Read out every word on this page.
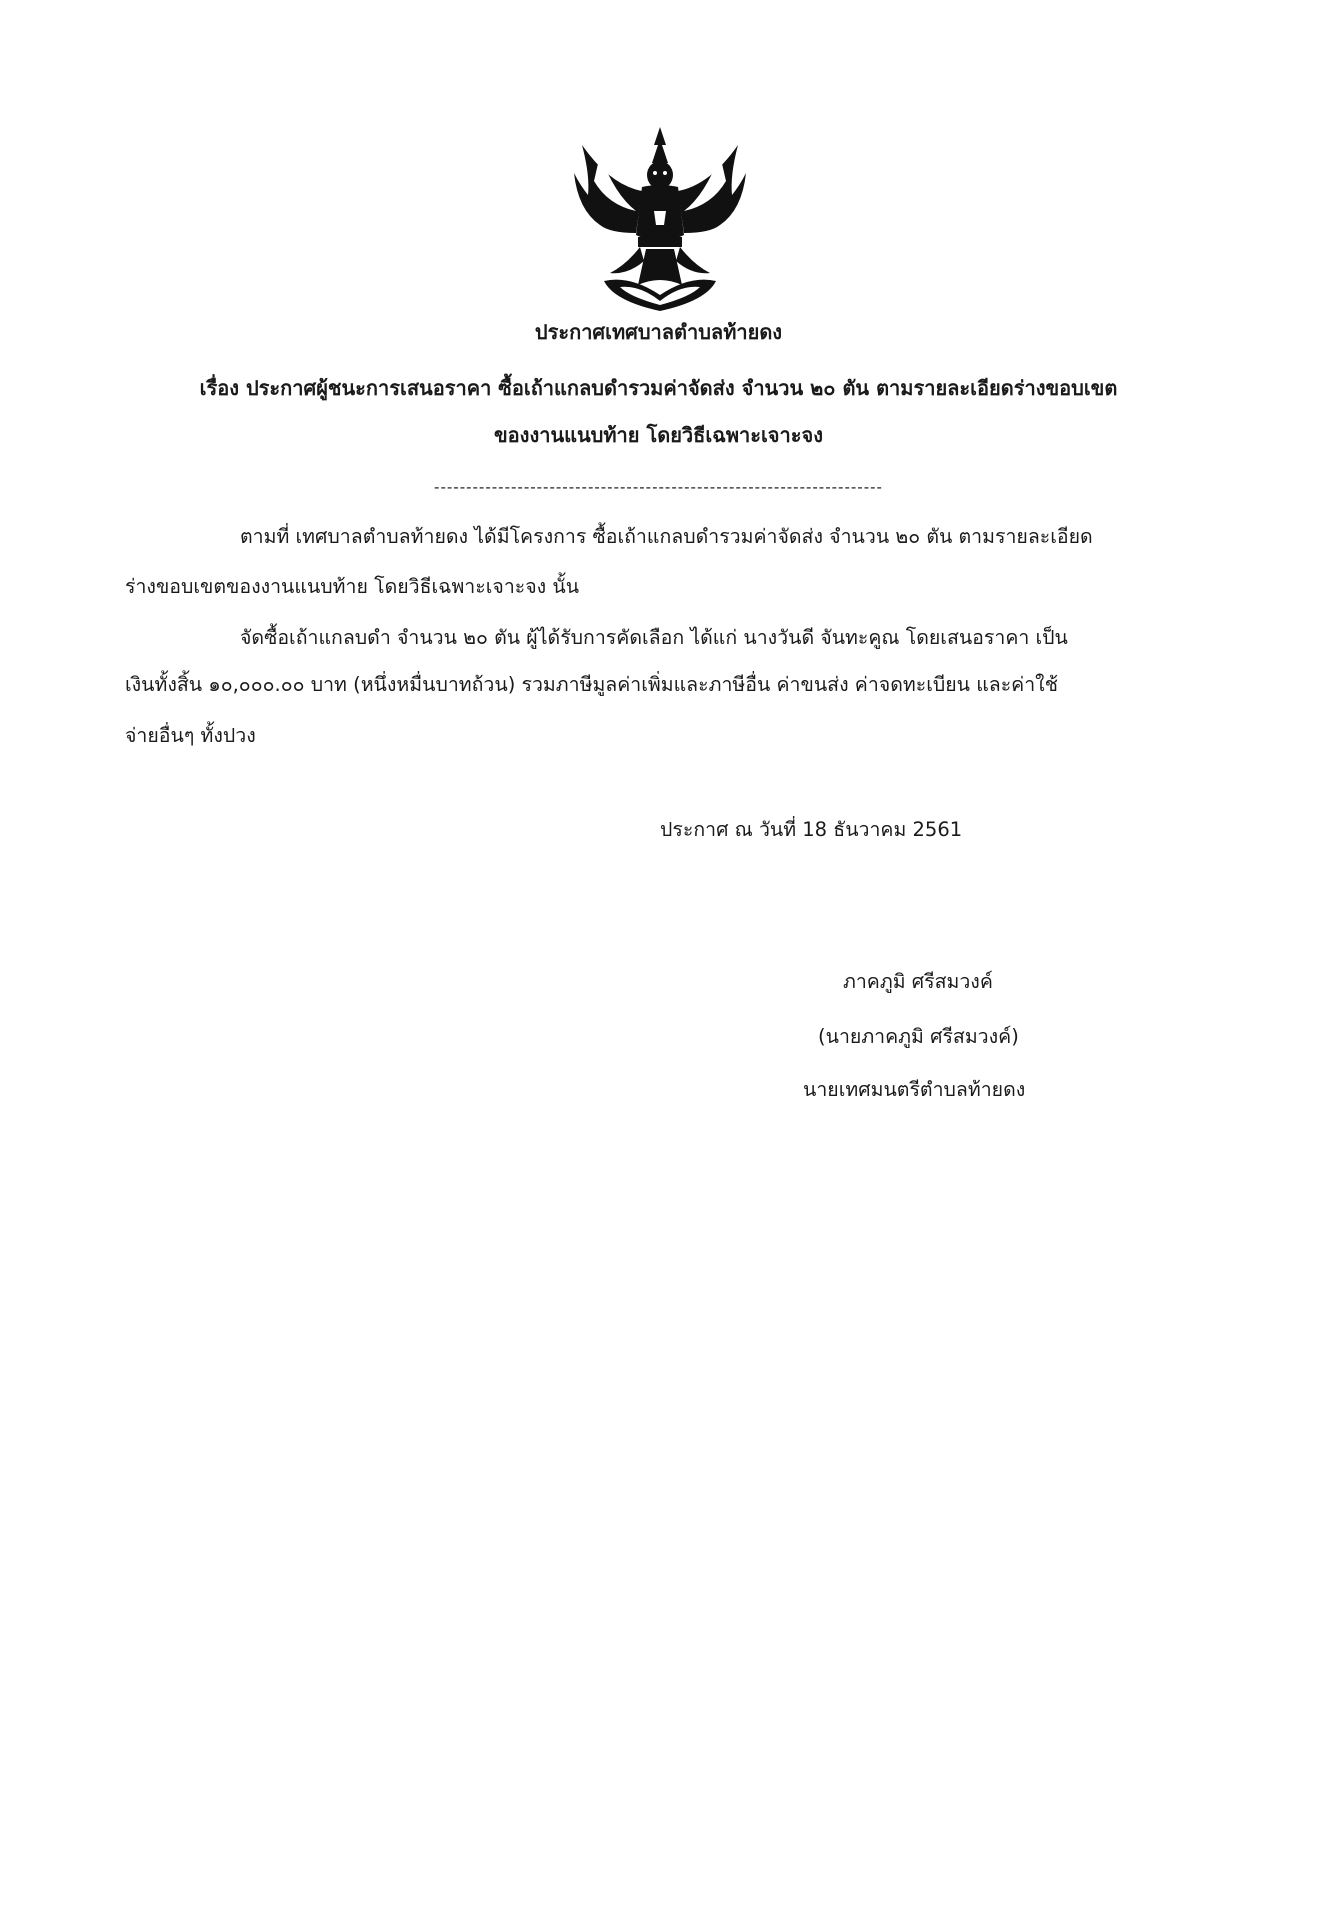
ประกาศเทศบาลตำบลท้ายดง
เรื่อง ประกาศผู้ชนะการเสนอราคา ซื้อเถ้าแกลบดำรวมค่าจัดส่ง จำนวน ๒๐ ตัน ตามรายละเอียดร่างขอบเขต
ของงานแนบท้าย โดยวิธีเฉพาะเจาะจง
----------------------------------------------------------------------
ตามที่ เทศบาลตำบลท้ายดง ได้มีโครงการ ซื้อเถ้าแกลบดำรวมค่าจัดส่ง จำนวน ๒๐ ตัน ตามรายละเอียด
ร่างขอบเขตของงานแนบท้าย โดยวิธีเฉพาะเจาะจง นั้น
จัดซื้อเถ้าแกลบดำ จำนวน ๒๐ ตัน ผู้ได้รับการคัดเลือก ได้แก่ นางวันดี จันทะคูณ โดยเสนอราคา เป็น
เงินทั้งสิ้น ๑๐,๐๐๐.๐๐ บาท (หนึ่งหมื่นบาทถ้วน) รวมภาษีมูลค่าเพิ่มและภาษีอื่น ค่าขนส่ง ค่าจดทะเบียน และค่าใช้
จ่ายอื่นๆ ทั้งปวง
ประกาศ ณ วันที่ 18 ธันวาคม 2561
ภาคภูมิ ศรีสมวงค์
(นายภาคภูมิ ศรีสมวงค์)
นายเทศมนตรีตำบลท้ายดง
